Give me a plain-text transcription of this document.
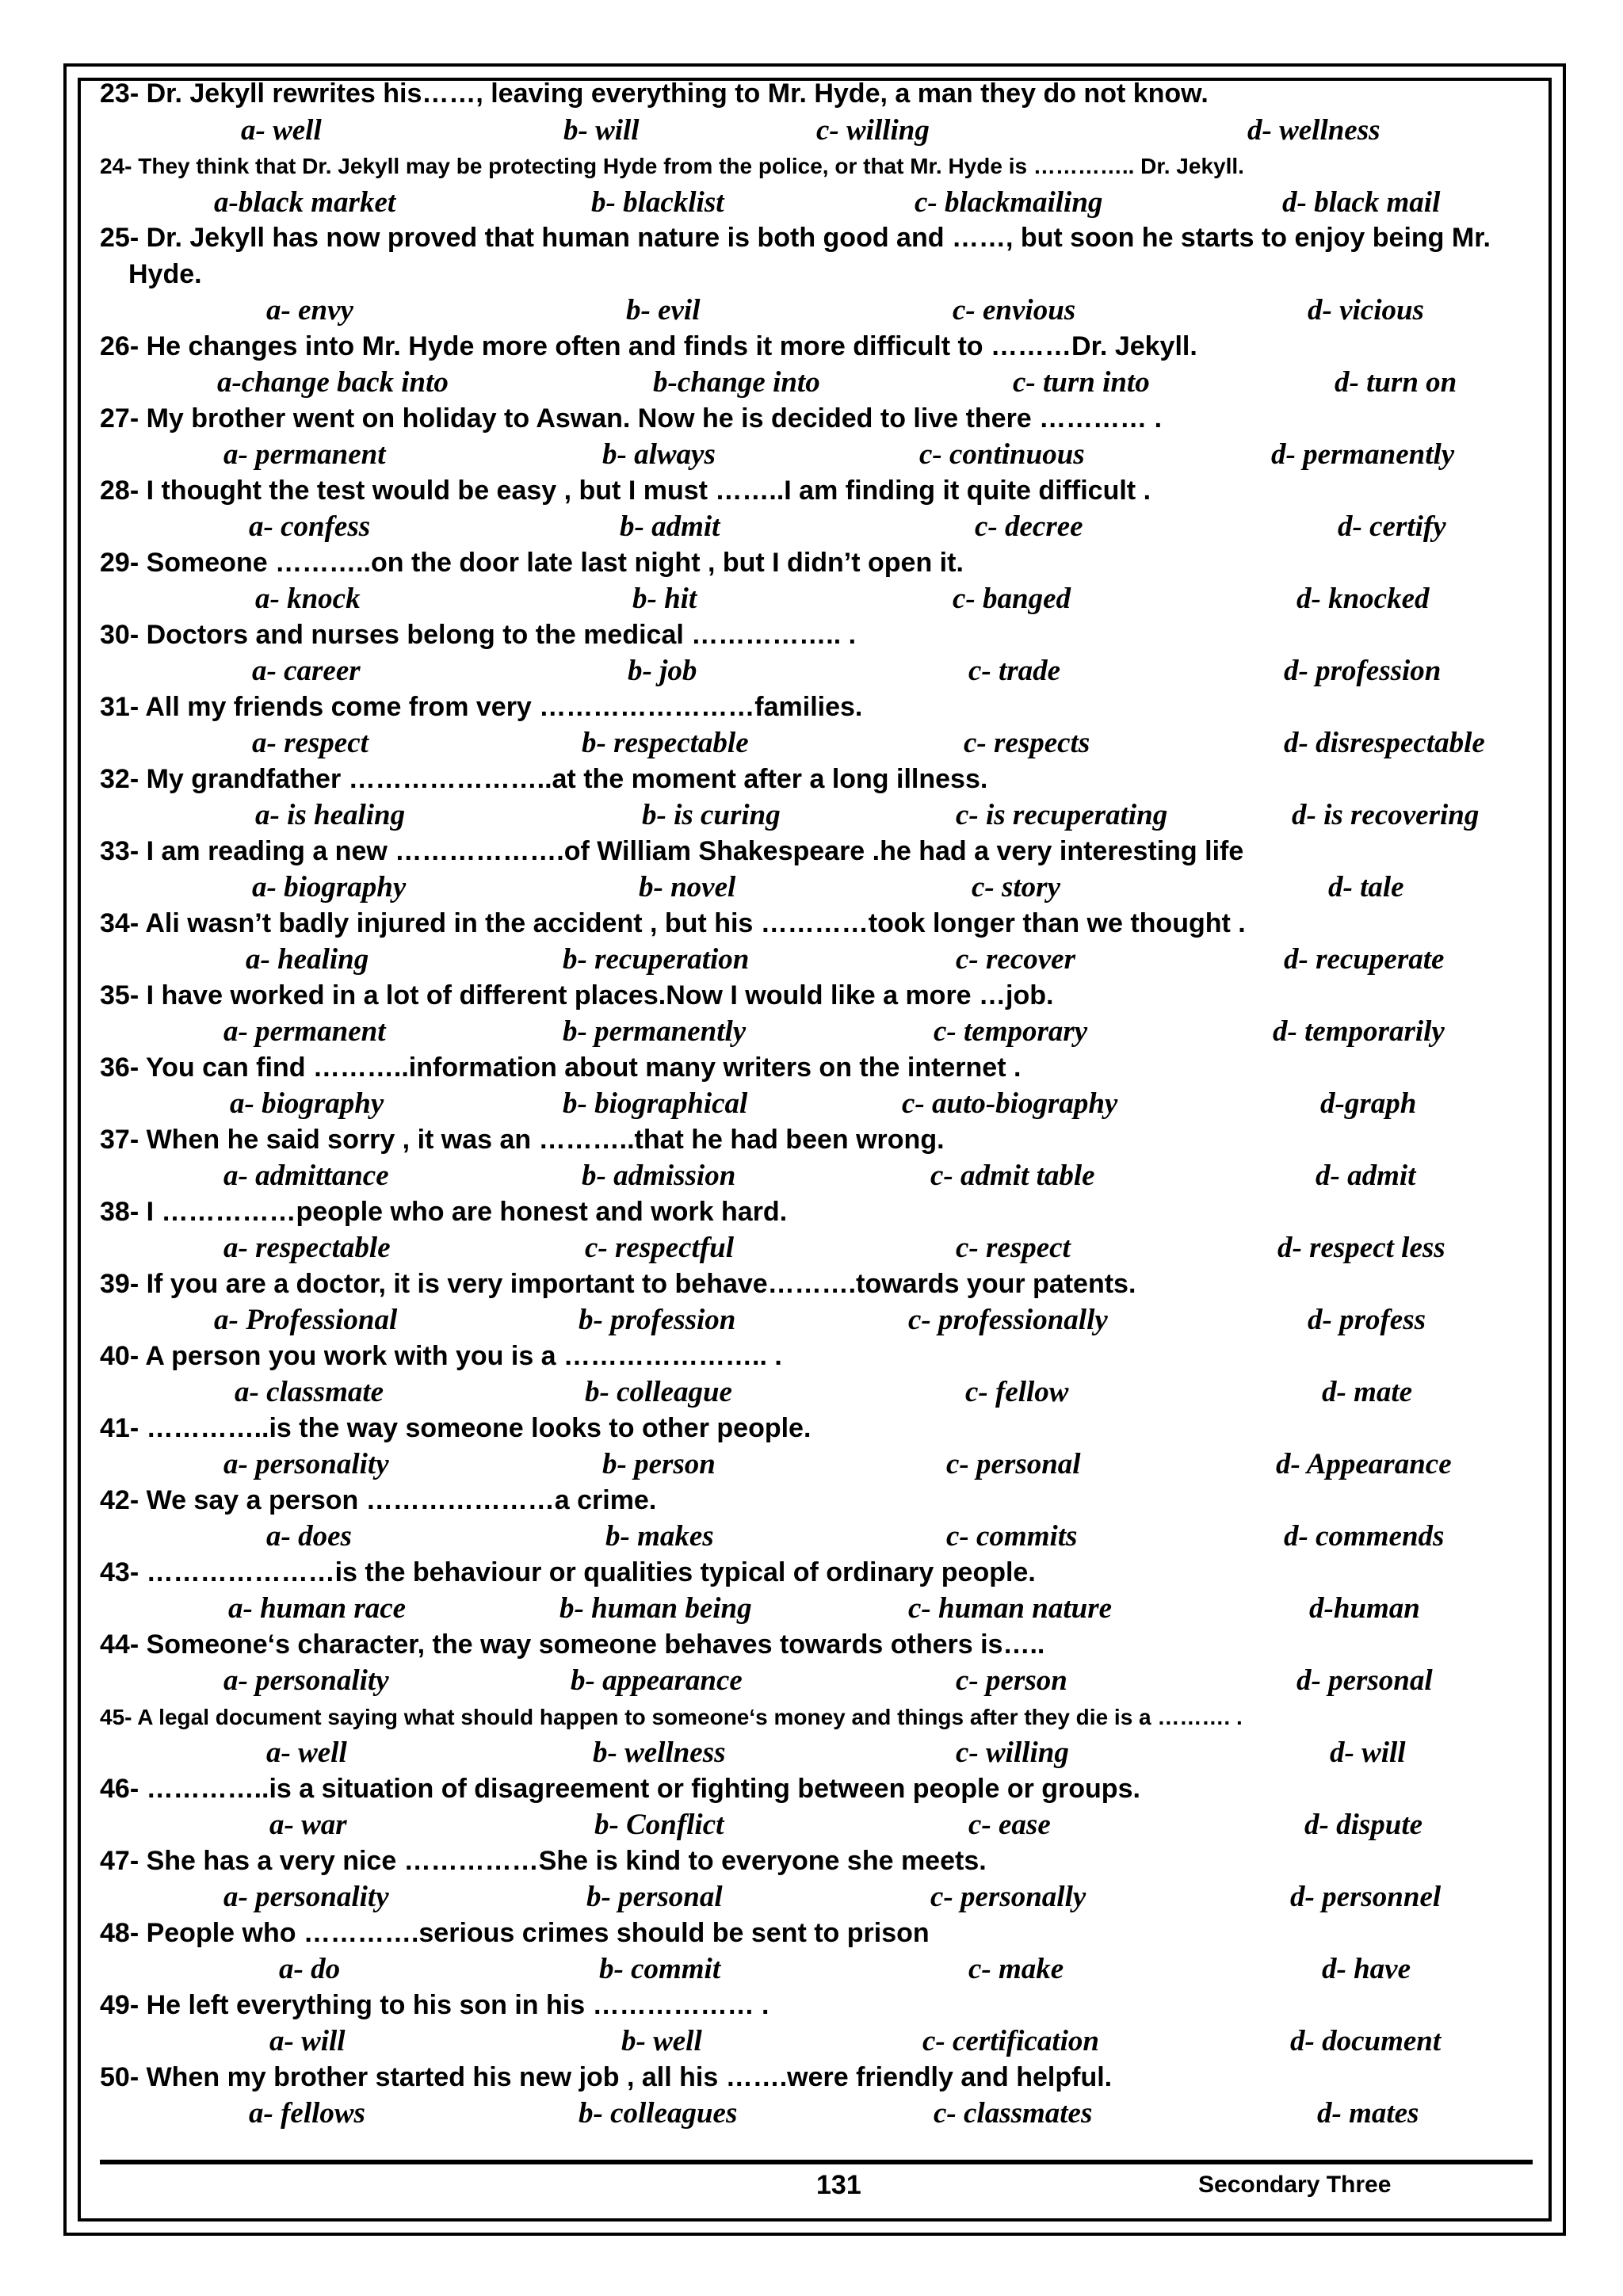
23- Dr. Jekyll rewrites his……, leaving everything to Mr. Hyde, a man they do not know.
a- well	b- will	c- willing	d- wellness
24- They think that Dr. Jekyll may be protecting Hyde from the police, or that Mr. Hyde is ………….. Dr. Jekyll.
a-black market	b- blacklist	c- blackmailing	d- black mail
25- Dr. Jekyll has now proved that human nature is both good and ……, but soon he starts to enjoy being Mr. Hyde.
a- envy	b- evil	c- envious	d- vicious
26- He changes into Mr. Hyde more often and finds it more difficult to ………Dr. Jekyll.
a-change back into	b-change into	c- turn into	d- turn on
27- My brother went on holiday to Aswan. Now he is decided to live there ………… .
a- permanent	b- always	c- continuous	d- permanently
28- I thought the test would be easy , but I must ……..I am finding it quite difficult .
a- confess	b- admit	c- decree	d- certify
29- Someone ………..on the door late last night , but I didn’t open it.
a- knock	b- hit	c- banged	d- knocked
30- Doctors and nurses belong to the medical …………….. .
a- career	b- job	c- trade	d- profession
31- All my friends come from very ……………………families.
a- respect	b- respectable	c- respects	d- disrespectable
32- My grandfather …………………..at the moment after a long illness.
a- is healing	b- is curing	c- is recuperating	d- is recovering
33- I am reading a new ……………….of William Shakespeare .he had a very interesting life
a- biography	b- novel	c- story	d- tale
34- Ali wasn’t badly injured in the accident , but his …………took longer than we thought .
a- healing	b- recuperation	c- recover	d- recuperate
35- I have worked in a lot of different places.Now I would like a more …job.
a- permanent	b- permanently	c- temporary	d- temporarily
36- You can find ………..information about many writers on the internet .
a- biography	b- biographical	c- auto-biography	d-graph
37- When he said sorry , it was an ………..that he had been wrong.
a- admittance	b- admission	c- admit table	d- admit
38- I ……………people who are honest and work hard.
a- respectable	c- respectful	c- respect	d- respect less
39- If you are a doctor, it is very important to behave……….towards your patents.
a- Professional	b- profession	c- professionally	d- profess
40- A person you work with you is a ………………….. .
a- classmate	b- colleague	c- fellow	d- mate
41- …………..is the way someone looks to other people.
a- personality	b- person	c- personal	d- Appearance
42- We say a person …………………a crime.
a- does	b- makes	c- commits	d- commends
43- …………………is the behaviour or qualities typical of ordinary people.
a- human race	b- human being	c- human nature	d-human
44- Someone‘s character, the way someone behaves towards others is…..
a- personality	b- appearance	c- person	d- personal
45- A legal document saying what should happen to someone‘s money and things after they die is a ………. .
a- well	b- wellness	c- willing	d- will
46- …………..is a situation of disagreement or fighting between people or groups.
a- war	b- Conflict	c- ease	d- dispute
47- She has a very nice ……………She is kind to everyone she meets.
a- personality	b- personal	c- personally	d- personnel
48- People who ………….serious crimes should be sent to prison
a- do	b- commit	c- make	d- have
49- He left everything to his son in his ……………… .
a- will	b- well	c- certification	d- document
50- When my brother started his new job , all his …….were friendly and helpful.
a- fellows	b- colleagues	c- classmates	d- mates
131	Secondary Three
